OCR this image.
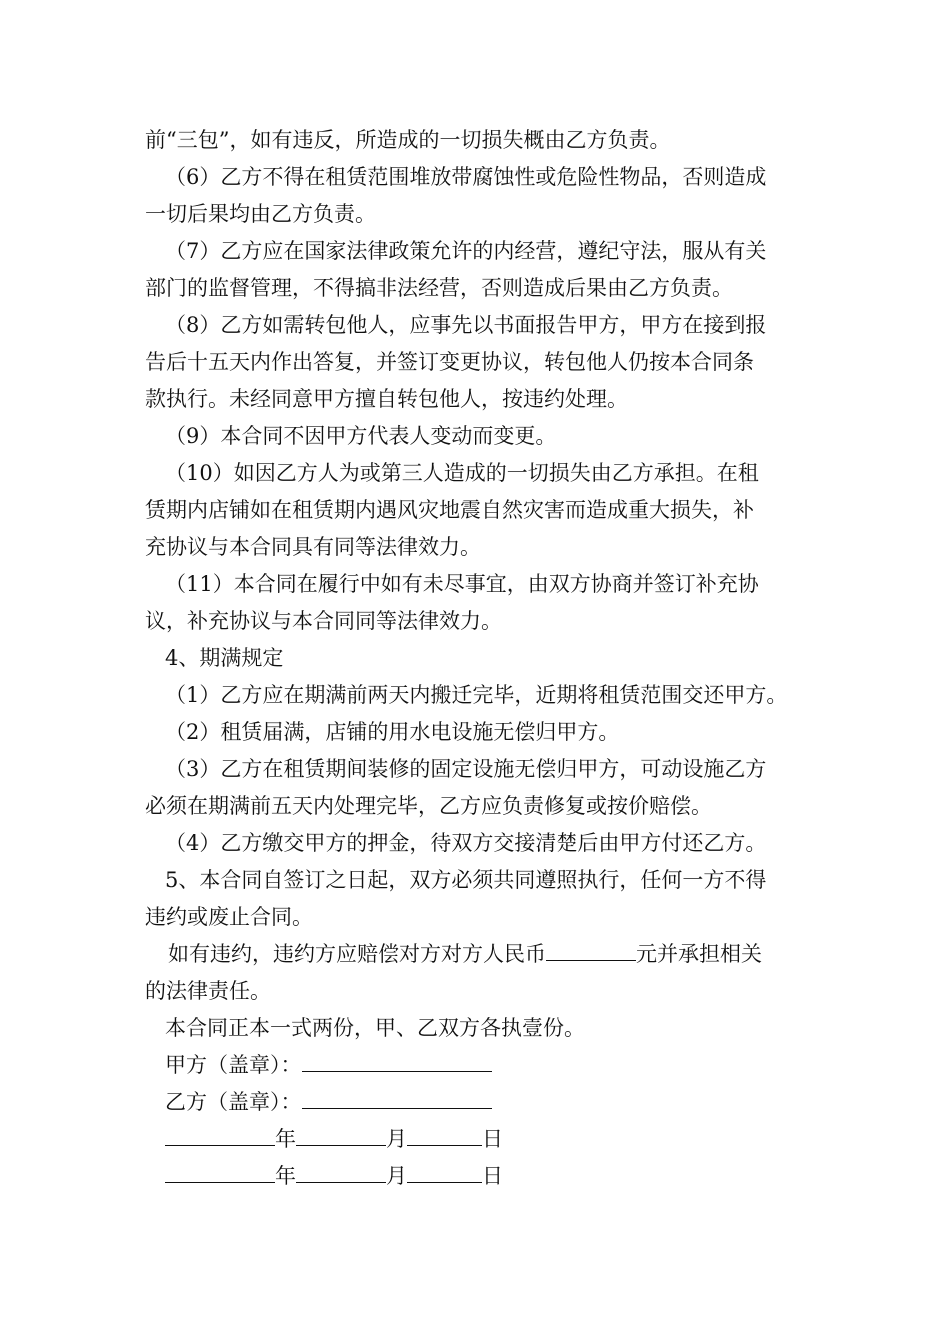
前“三包”，如有违反，所造成的一切损失概由乙方负责。
（6）乙方不得在租赁范围堆放带腐蚀性或危险性物品，否则造成
一切后果均由乙方负责。
（7）乙方应在国家法律政策允许的内经营，遵纪守法，服从有关
部门的监督管理，不得搞非法经营，否则造成后果由乙方负责。
（8）乙方如需转包他人，应事先以书面报告甲方，甲方在接到报
告后十五天内作出答复，并签订变更协议，转包他人仍按本合同条
款执行。未经同意甲方擅自转包他人，按违约处理。
（9）本合同不因甲方代表人变动而变更。
（10）如因乙方人为或第三人造成的一切损失由乙方承担。在租
赁期内店铺如在租赁期内遇风灾地震自然灾害而造成重大损失，补
充协议与本合同具有同等法律效力。
（11）本合同在履行中如有未尽事宜，由双方协商并签订补充协
议，补充协议与本合同同等法律效力。
4、期满规定
（1）乙方应在期满前两天内搬迁完毕，近期将租赁范围交还甲方。
（2）租赁届满，店铺的用水电设施无偿归甲方。
（3）乙方在租赁期间装修的固定设施无偿归甲方，可动设施乙方
必须在期满前五天内处理完毕，乙方应负责修复或按价赔偿。
（4）乙方缴交甲方的押金，待双方交接清楚后由甲方付还乙方。
5、本合同自签订之日起，双方必须共同遵照执行，任何一方不得
违约或废止合同。
如有违约，违约方应赔偿对方对方人民币	元并承担相关
的法律责任。
本合同正本一式两份，甲、乙双方各执壹份。
甲方（盖章）：
乙方（盖章）：
年	月	日
年	月	日
